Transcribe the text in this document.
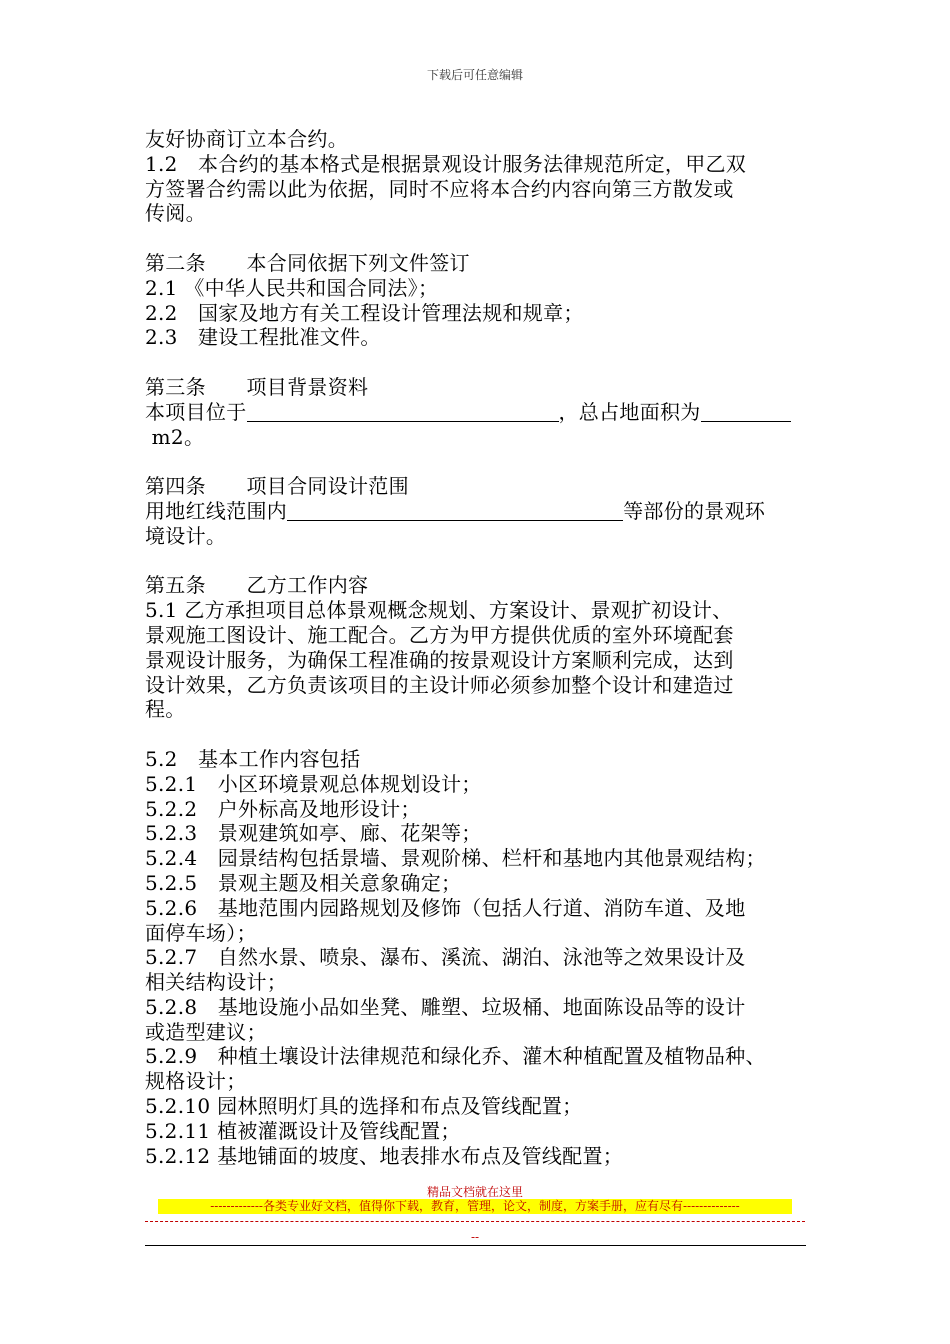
下载后可任意编辑
友好协商订立本合约。
1.2　本合约的基本格式是根据景观设计服务法律规范所定，甲乙双
方签署合约需以此为依据，同时不应将本合约内容向第三方散发或
传阅。
第二条　　本合同依据下列文件签订
2.1 《中华人民共和国合同法》；
2.2　国家及地方有关工程设计管理法规和规章；
2.3　建设工程批准文件。
第三条　　项目背景资料
本项目位于	，总占地面积为
m2。
第四条　　项目合同设计范围
用地红线范围内	等部份的景观环
境设计。
第五条　　乙方工作内容
5.1 乙方承担项目总体景观概念规划、方案设计、景观扩初设计、
景观施工图设计、施工配合。乙方为甲方提供优质的室外环境配套
景观设计服务，为确保工程准确的按景观设计方案顺利完成，达到
设计效果，乙方负责该项目的主设计师必须参加整个设计和建造过
程。
5.2　基本工作内容包括
5.2.1　小区环境景观总体规划设计；
5.2.2　户外标高及地形设计；
5.2.3　景观建筑如亭、廊、花架等；
5.2.4　园景结构包括景墙、景观阶梯、栏杆和基地内其他景观结构；
5.2.5　景观主题及相关意象确定；
5.2.6　基地范围内园路规划及修饰（包括人行道、消防车道、及地
面停车场）；
5.2.7　自然水景、喷泉、瀑布、溪流、湖泊、泳池等之效果设计及
相关结构设计；
5.2.8　基地设施小品如坐凳、雕塑、垃圾桶、地面陈设品等的设计
或造型建议；
5.2.9　种植土壤设计法律规范和绿化乔、灌木种植配置及植物品种、
规格设计；
5.2.10 园林照明灯具的选择和布点及管线配置；
5.2.11 植被灌溉设计及管线配置；
5.2.12 基地铺面的坡度、地表排水布点及管线配置；
精品文档就在这里
-------------各类专业好文档，值得你下载，教育，管理，论文，制度，方案手册，应有尽有--------------
--
